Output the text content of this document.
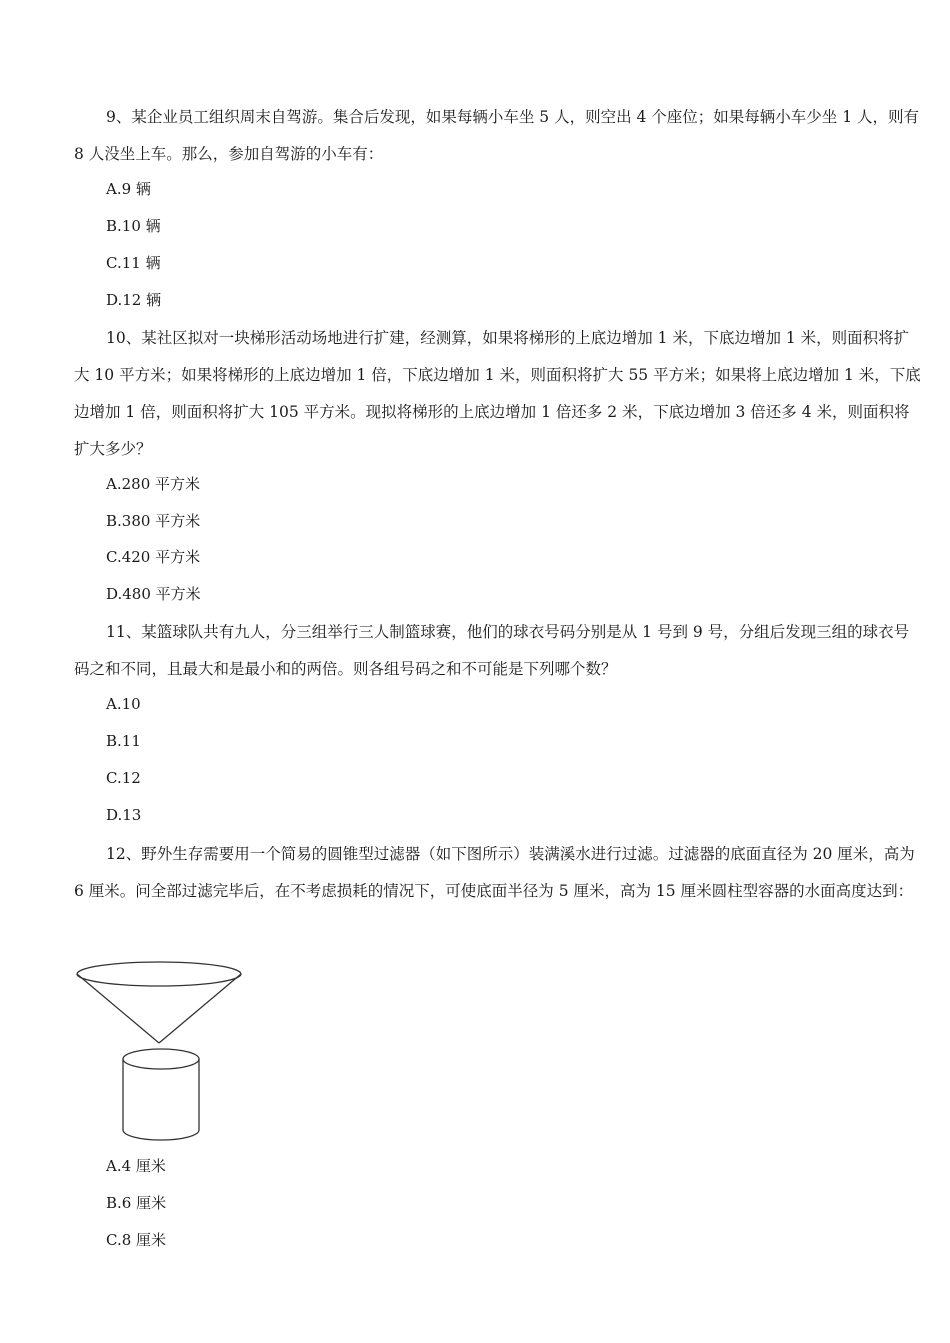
9、某企业员工组织周末自驾游。集合后发现，如果每辆小车坐 5 人，则空出 4 个座位；如果每辆小车少坐 1 人，则有 8 人没坐上车。那么，参加自驾游的小车有：

A.9 辆

B.10 辆

C.11 辆

D.12 辆

10、某社区拟对一块梯形活动场地进行扩建，经测算，如果将梯形的上底边增加 1 米，下底边增加 1 米，则面积将扩大 10 平方米；如果将梯形的上底边增加 1 倍，下底边增加 1 米，则面积将扩大 55 平方米；如果将上底边增加 1 米，下底边增加 1 倍，则面积将扩大 105 平方米。现拟将梯形的上底边增加 1 倍还多 2 米，下底边增加 3 倍还多 4 米，则面积将扩大多少？

A.280 平方米

B.380 平方米

C.420 平方米

D.480 平方米

11、某篮球队共有九人，分三组举行三人制篮球赛，他们的球衣号码分别是从 1 号到 9 号，分组后发现三组的球衣号码之和不同，且最大和是最小和的两倍。则各组号码之和不可能是下列哪个数？

A.10

B.11

C.12

D.13

12、野外生存需要用一个简易的圆锥型过滤器（如下图所示）装满溪水进行过滤。过滤器的底面直径为 20 厘米，高为 6 厘米。问全部过滤完毕后，在不考虑损耗的情况下，可使底面半径为 5 厘米，高为 15 厘米圆柱型容器的水面高度达到：

A.4 厘米

B.6 厘米

C.8 厘米
